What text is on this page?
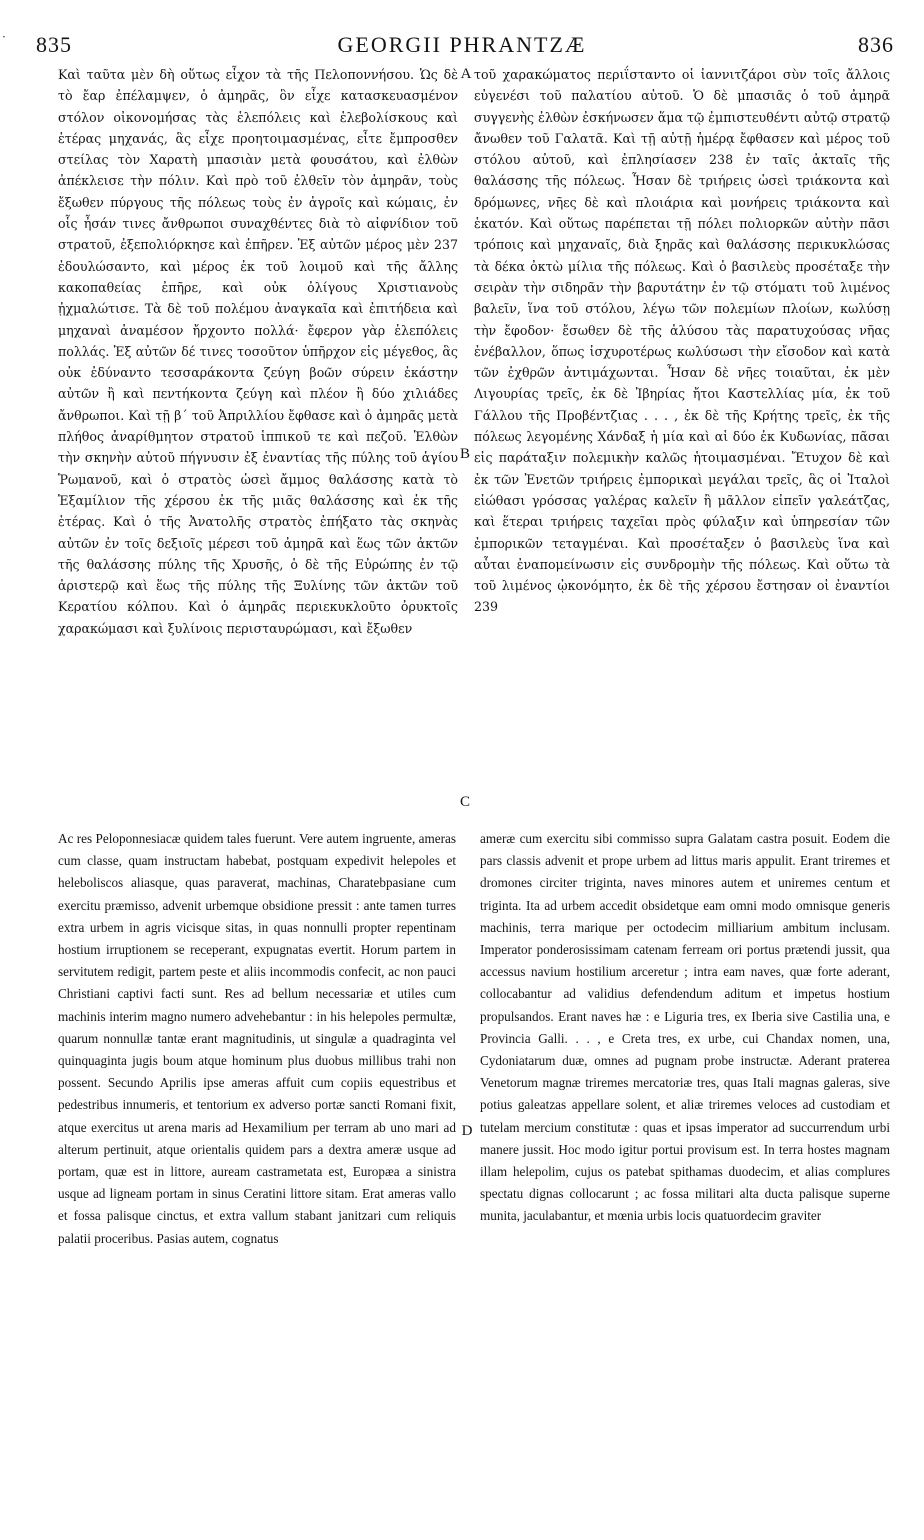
· 835	GEORGII PHRANTZÆ	836

Καὶ ταῦτα μὲν δὴ οὕτως εἶχον τὰ τῆς Πελοποννήσου. Ὡς δὲ τὸ ἔαρ ἐπέλαμψεν, ὁ ἀμηρᾶς, ὃν εἶχε κατασκευασμένον στόλον οἰκονομήσας τὰς ἑλεπόλεις καὶ ἑλεβολίσκους καὶ ἑτέρας μηχανάς, ἃς εἶχε προητοιμασμένας, εἶτε ἔμπροσθεν στείλας τὸν Χαρατὴ μπασιὰν μετὰ φουσάτου, καὶ ἐλθὼν ἀπέκλεισε τὴν πόλιν. Καὶ πρὸ τοῦ ἐλθεῖν τὸν ἀμηρᾶν, τοὺς ἔξωθεν πύργους τῆς πόλεως τοὺς ἐν ἀγροῖς καὶ κώμαις, ἐν οἷς ἦσάν τινες ἄνθρωποι συναχθέντες διὰ τὸ αἰφνίδιον τοῦ στρατοῦ, ἐξεπολιόρκησε καὶ ἐπῆρεν. Ἐξ αὐτῶν μέρος μὲν 237 ἐδουλώσαντο, καὶ μέρος ἐκ τοῦ λοιμοῦ καὶ τῆς ἄλλης κακοπαθείας ἐπῆρε, καὶ οὐκ ὀλίγους Χριστιανοὺς ᾐχμαλώτισε. Τὰ δὲ τοῦ πολέμου ἀναγκαῖα καὶ ἐπιτήδεια καὶ μηχαναὶ ἀναμέσον ἤρχοντο πολλά· ἔφερον γὰρ ἑλεπόλεις πολλάς. Ἐξ αὐτῶν δέ τινες τοσοῦτον ὑπῆρχον εἰς μέγεθος, ἃς οὐκ ἐδύναντο τεσσαράκοντα ζεύγη βοῶν σύρειν ἑκάστην αὐτῶν ἢ καὶ πεντήκοντα ζεύγη καὶ πλέον ἢ δύο χιλιάδες ἄνθρωποι. Καὶ τῇ β΄ τοῦ Ἀπριλλίου ἔφθασε καὶ ὁ ἀμηρᾶς μετὰ πλήθος ἀναρίθμητον στρατοῦ ἱππικοῦ τε καὶ πεζοῦ. Ἐλθὼν τὴν σκηνὴν αὐτοῦ πήγνυσιν ἐξ ἐναντίας τῆς πύλης τοῦ ἁγίου Ῥωμανοῦ, καὶ ὁ στρατὸς ὡσεὶ ἄμμος θαλάσσης κατὰ τὸ Ἑξαμίλιον τῆς χέρσου ἐκ τῆς μιᾶς θαλάσσης καὶ ἐκ τῆς ἑτέρας. Καὶ ὁ τῆς Ἀνατολῆς στρατὸς ἐπήξατο τὰς σκηνὰς αὐτῶν ἐν τοῖς δεξιοῖς μέρεσι τοῦ ἀμηρᾶ καὶ ἕως τῶν ἀκτῶν τῆς θαλάσσης πύλης τῆς Χρυσῆς, ὁ δὲ τῆς Εὐρώπης ἐν τῷ ἀριστερῷ καὶ ἕως τῆς πύλης τῆς Ξυλίνης τῶν ἀκτῶν τοῦ Κερατίου κόλπου. Καὶ ὁ ἀμηρᾶς περιεκυκλοῦτο ὀρυκτοῖς χαρακώμασι καὶ ξυλίνοις περισταυρώμασι, καὶ ἔξωθεν

τοῦ χαρακώματος περιΐσταντο οἱ ἰαννιτζάροι σὺν τοῖς ἄλλοις εὐγενέσι τοῦ παλατίου αὐτοῦ. Ὁ δὲ μπασιᾶς ὁ τοῦ ἀμηρᾶ συγγενὴς ἐλθὼν ἐσκήνωσεν ἅμα τῷ ἐμπιστευθέντι αὐτῷ στρατῷ ἄνωθεν τοῦ Γαλατᾶ. Καὶ τῇ αὐτῇ ἡμέρᾳ ἔφθασεν καὶ μέρος τοῦ στόλου αὐτοῦ, καὶ ἐπλησίασεν 238 ἐν ταῖς ἀκταῖς τῆς θαλάσσης τῆς πόλεως. Ἦσαν δὲ τριήρεις ὡσεὶ τριάκοντα καὶ δρόμωνες, νῆες δὲ καὶ πλοιάρια καὶ μονήρεις τριάκοντα καὶ ἑκατόν. Καὶ οὕτως παρέπεται τῇ πόλει πολιορκῶν αὐτὴν πᾶσι τρόποις καὶ μηχαναῖς, διὰ ξηρᾶς καὶ θαλάσσης περικυκλώσας τὰ δέκα ὀκτὼ μίλια τῆς πόλεως. Καὶ ὁ βασιλεὺς προσέταξε τὴν σειρὰν τὴν σιδηρᾶν τὴν βαρυτάτην ἐν τῷ στόματι τοῦ λιμένος βαλεῖν, ἵνα τοῦ στόλου, λέγω τῶν πολεμίων πλοίων, κωλύσῃ τὴν ἔφοδον· ἔσωθεν δὲ τῆς ἁλύσου τὰς παρατυχούσας νῆας ἐνέβαλλον, ὅπως ἰσχυροτέρως κωλύσωσι τὴν εἴσοδον καὶ κατὰ τῶν ἐχθρῶν ἀντιμάχωνται. Ἦσαν δὲ νῆες τοιαῦται, ἐκ μὲν Λιγουρίας τρεῖς, ἐκ δὲ Ἰβηρίας ἤτοι Καστελλίας μία, ἐκ τοῦ Γάλλου τῆς Προβέντζιας . . . , ἐκ δὲ τῆς Κρήτης τρεῖς, ἐκ τῆς πόλεως λεγομένης Χάνδαξ ἡ μία καὶ αἱ δύο ἐκ Κυδωνίας, πᾶσαι εἰς παράταξιν πολεμικὴν καλῶς ἡτοιμασμέναι. Ἔτυχον δὲ καὶ ἐκ τῶν Ἐνετῶν τριήρεις ἐμπορικαὶ μεγάλαι τρεῖς, ἃς οἱ Ἰταλοὶ εἰώθασι γρόσσας γαλέρας καλεῖν ἢ μᾶλλον εἰπεῖν γαλεάτζας, καὶ ἕτεραι τριήρεις ταχεῖαι πρὸς φύλαξιν καὶ ὑπηρεσίαν τῶν ἐμπορικῶν τεταγμέναι. Καὶ προσέταξεν ὁ βασιλεὺς ἵνα καὶ αὗται ἐναπομείνωσιν εἰς συνδρομὴν τῆς πόλεως. Καὶ οὕτω τὰ τοῦ λιμένος ᾠκονόμητο, ἐκ δὲ τῆς χέρσου ἔστησαν οἱ ἐναντίοι 239

A
B
C
D

Ac res Peloponnesiacæ quidem tales fuerunt. Vere autem ingruente, ameras cum classe, quam instructam habebat, postquam expedivit helepoles et heleboliscos aliasque, quas paraverat, machinas, Charatebpasiane cum exercitu præmisso, advenit urbemque obsidione pressit : ante tamen turres extra urbem in agris vicisque sitas, in quas nonnulli propter repentinam hostium irruptionem se receperant, expugnatas evertit. Horum partem in servitutem redigit, partem peste et aliis incommodis confecit, ac non pauci Christiani captivi facti sunt. Res ad bellum necessariæ et utiles cum machinis interim magno numero advehebantur : in his helepoles permultæ, quarum nonnullæ tantæ erant magnitudinis, ut singulæ a quadraginta vel quinquaginta jugis boum atque hominum plus duobus millibus trahi non possent. Secundo Aprilis ipse ameras affuit cum copiis equestribus et pedestribus innumeris, et tentorium ex adverso portæ sancti Romani fixit, atque exercitus ut arena maris ad Hexamilium per terram ab uno mari ad alterum pertinuit, atque orientalis quidem pars a dextra ameræ usque ad portam, quæ est in littore, auream castrametata est, Europæa a sinistra usque ad ligneam portam in sinus Ceratini littore sitam. Erat ameras vallo et fossa palisque cinctus, et extra vallum stabant janitzari cum reliquis palatii proceribus. Pasias autem, cognatus

ameræ cum exercitu sibi commisso supra Galatam castra posuit. Eodem die pars classis advenit et prope urbem ad littus maris appulit. Erant triremes et dromones circiter triginta, naves minores autem et uniremes centum et triginta. Ita ad urbem accedit obsidetque eam omni modo omnisque generis machinis, terra marique per octodecim milliarium ambitum inclusam. Imperator ponderosissimam catenam ferream ori portus prætendi jussit, qua accessus navium hostilium arceretur ; intra eam naves, quæ forte aderant, collocabantur ad validius defendendum aditum et impetus hostium propulsandos. Erant naves hæ : e Liguria tres, ex Iberia sive Castilia una, e Provincia Galli. . . , e Creta tres, ex urbe, cui Chandax nomen, una, Cydoniatarum duæ, omnes ad pugnam probe instructæ. Aderant praterea Venetorum magnæ triremes mercatoriæ tres, quas Itali magnas galeras, sive potius galeatzas appellare solent, et aliæ triremes veloces ad custodiam et tutelam mercium constitutæ : quas et ipsas imperator ad succurrendum urbi manere jussit. Hoc modo igitur portui provisum est. In terra hostes magnam illam helepolim, cujus os patebat spithamas duodecim, et alias complures spectatu dignas collocarunt ; ac fossa militari alta ducta palisque superne munita, jaculabantur, et mœnia urbis locis quatuordecim graviter
